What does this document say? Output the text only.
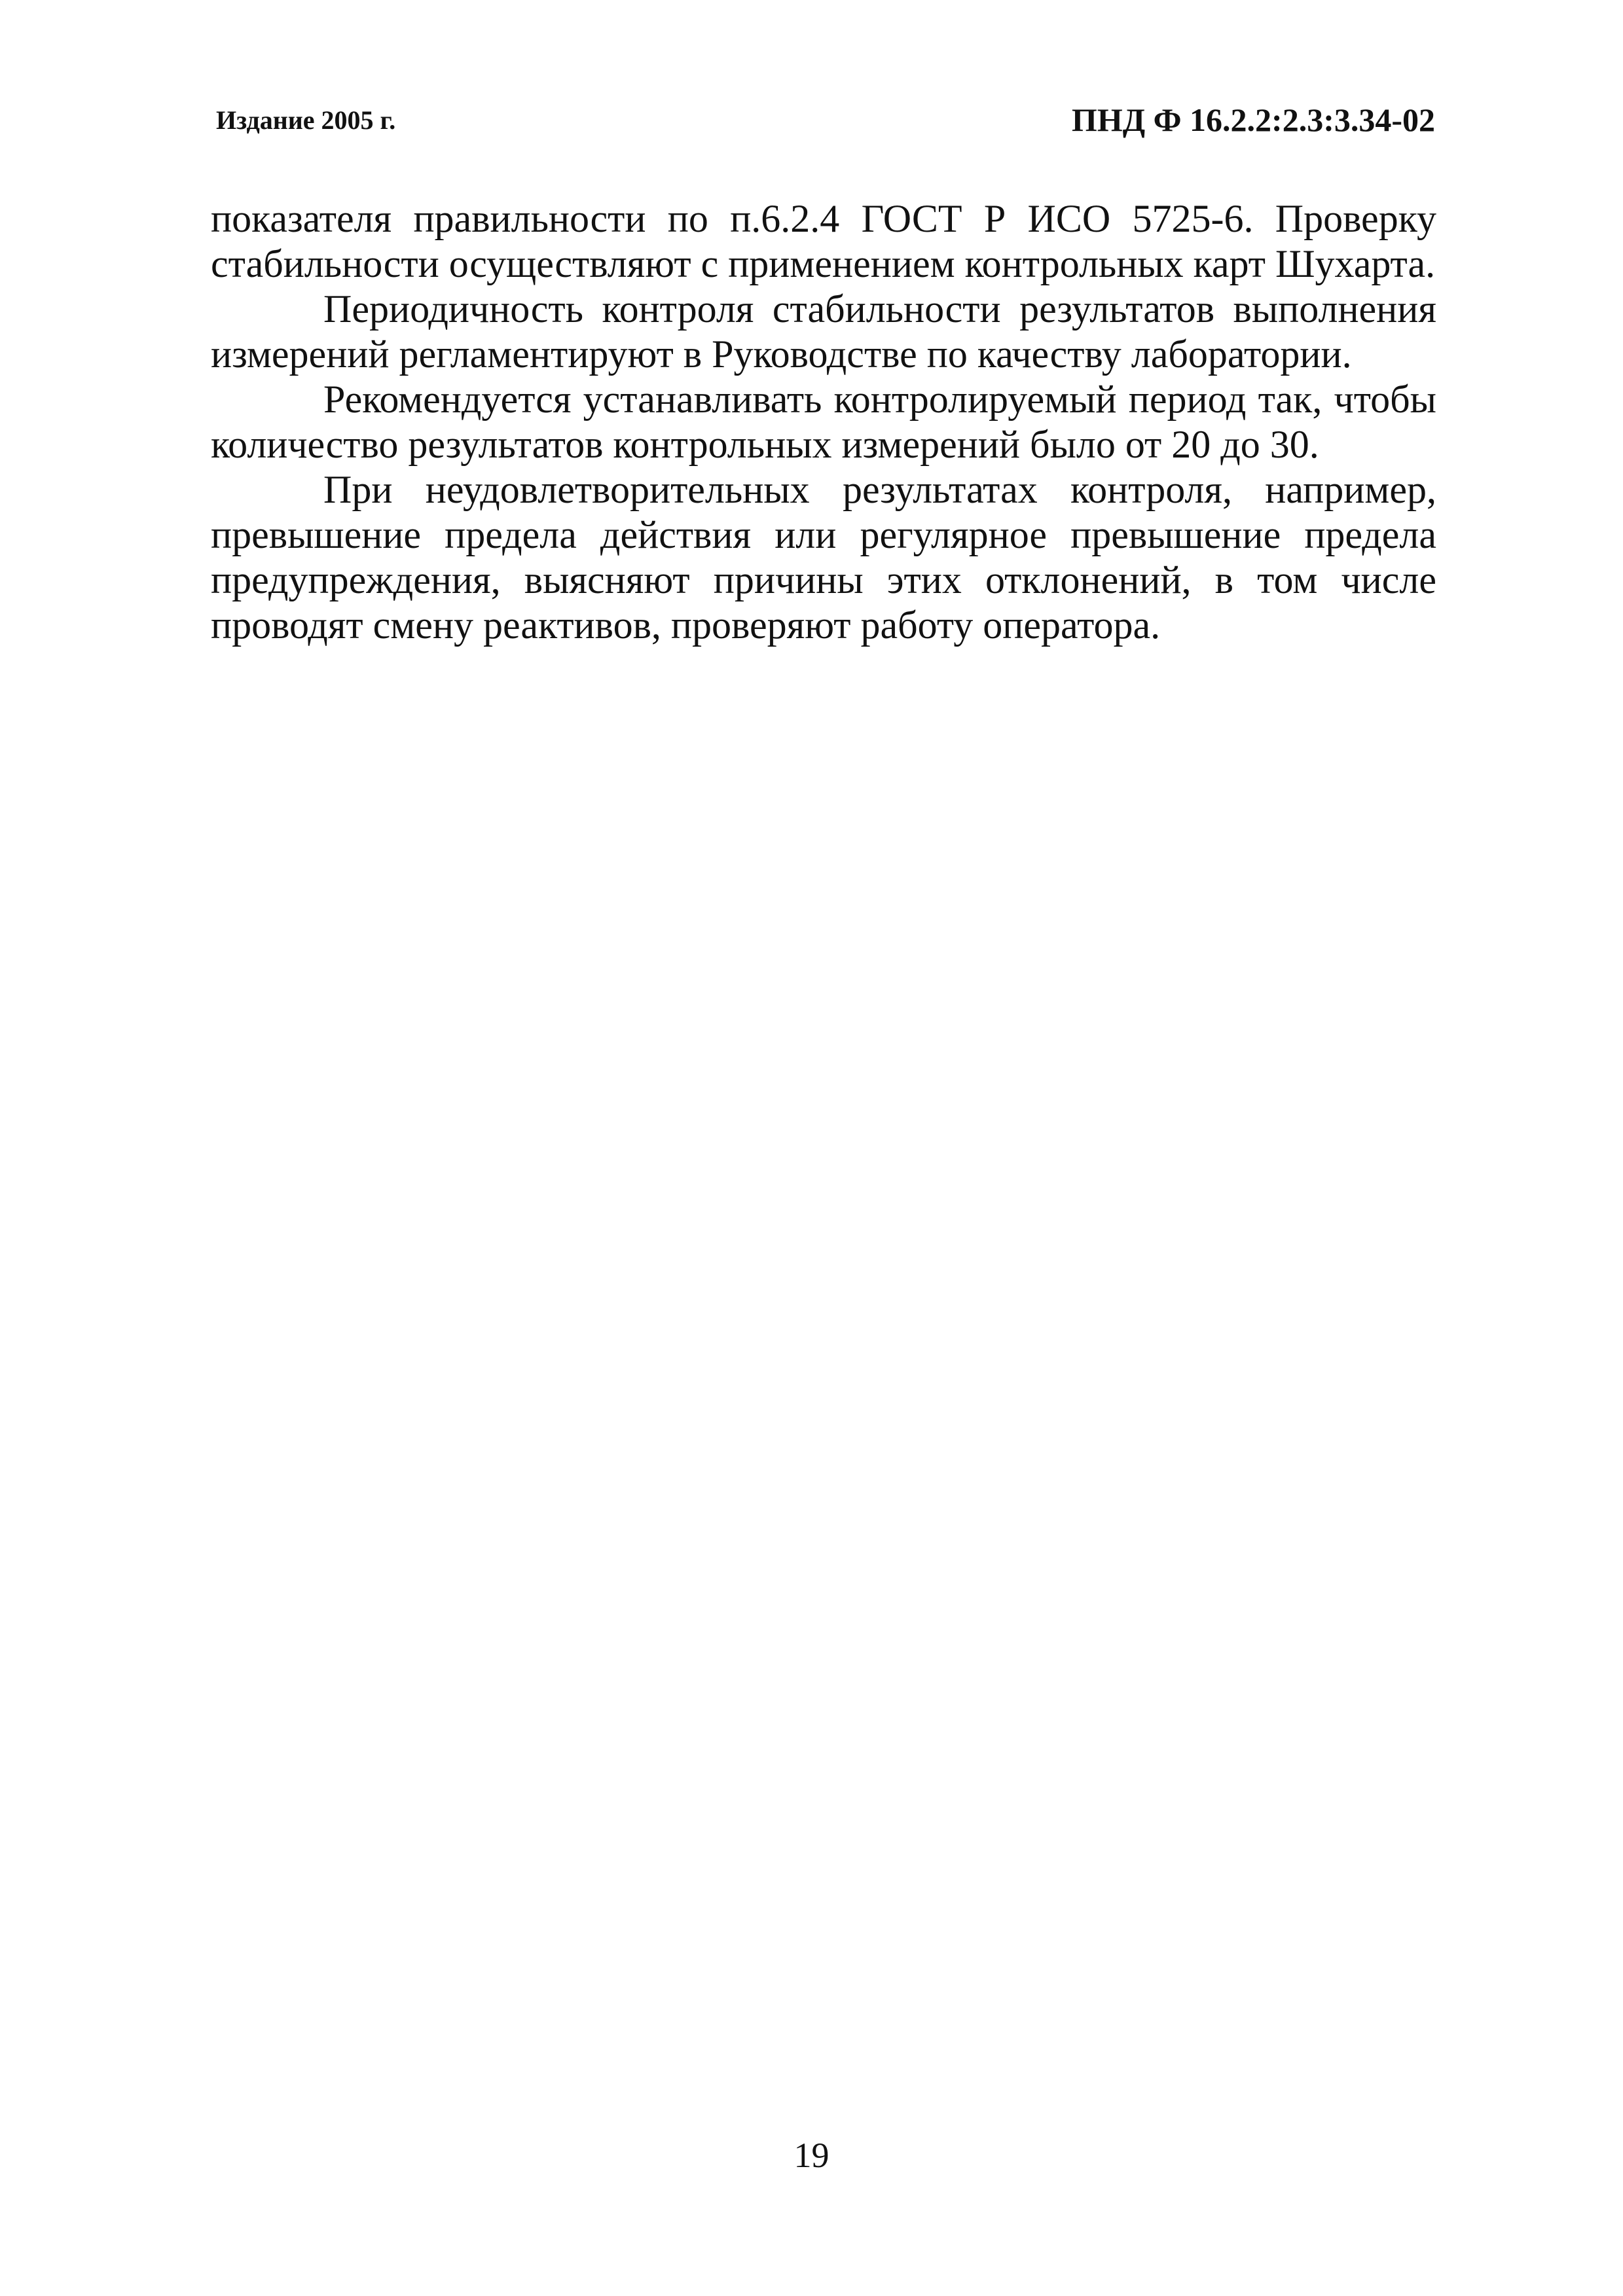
Издание 2005 г.	ПНД Ф 16.2.2:2.3:3.34-02

показателя правильности по п.6.2.4 ГОСТ Р ИСО 5725-6. Проверку стабильности осуществляют с применением контрольных карт Шухарта.

Периодичность контроля стабильности результатов выполнения измерений регламентируют в Руководстве по качеству лаборатории.

Рекомендуется устанавливать контролируемый период так, чтобы количество результатов контрольных измерений было от 20 до 30.

При неудовлетворительных результатах контроля, например, превышение предела действия или регулярное превышение предела предупреждения, выясняют причины этих отклонений, в том числе проводят смену реактивов, проверяют работу оператора.

19
